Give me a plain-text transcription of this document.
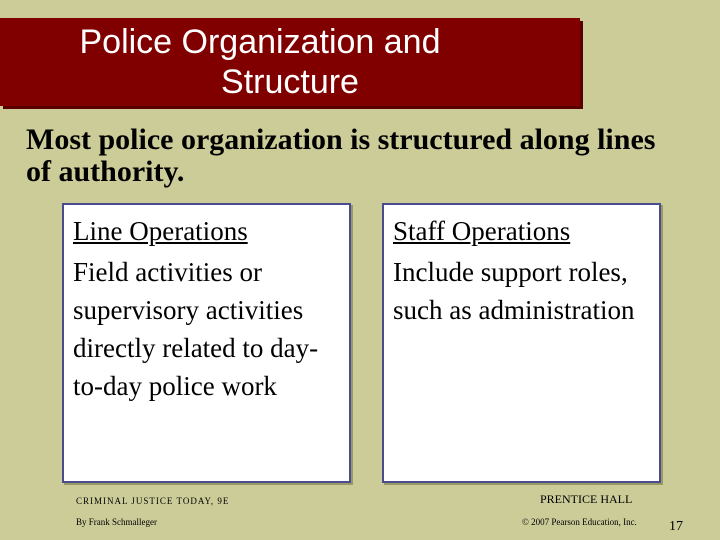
Police Organization and
Structure
Most police organization is structured along lines of authority.
Line Operations
Field activities or supervisory activities directly related to day-to-day police work
Staff Operations
Include support roles, such as administration
CRIMINAL JUSTICE TODAY, 9E
By Frank Schmalleger
PRENTICE HALL
© 2007 Pearson Education, Inc. 17
